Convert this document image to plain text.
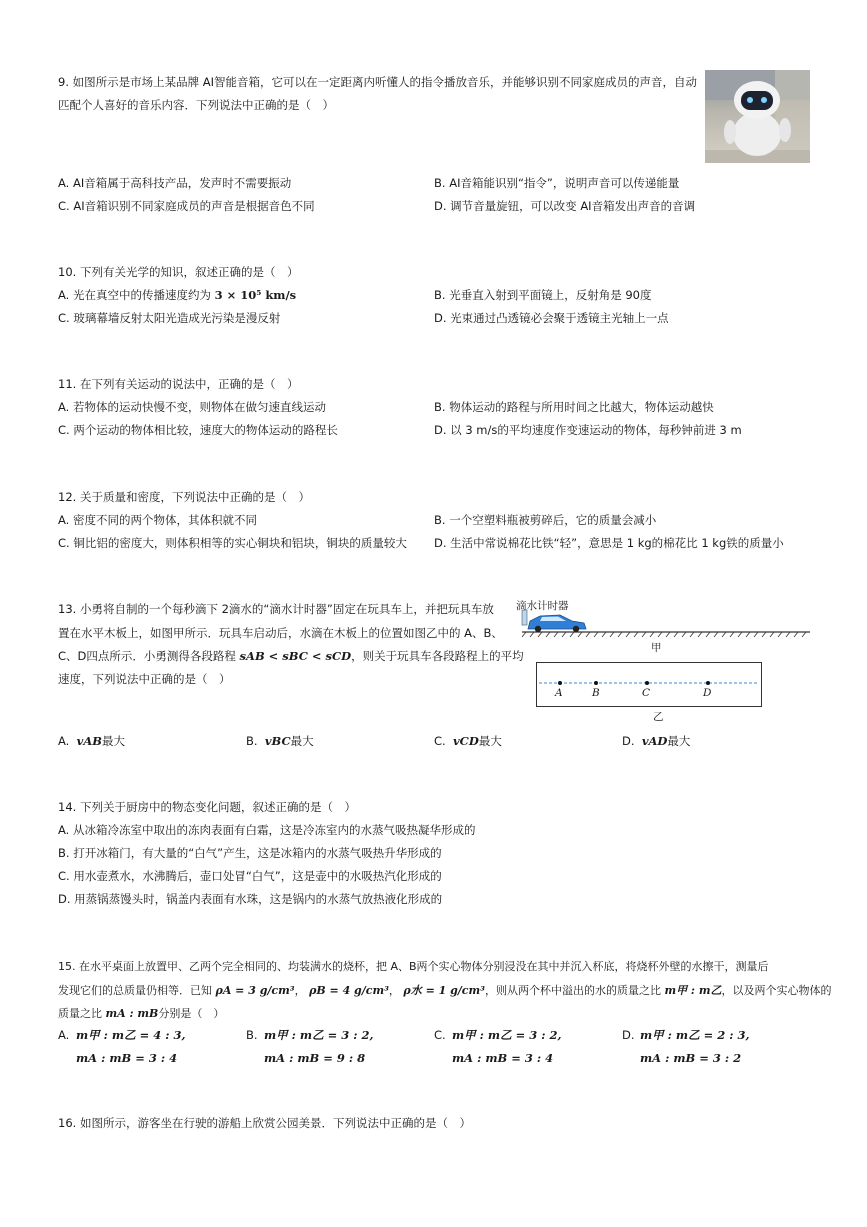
9. 如图所示是市场上某品牌 AI智能音箱，它可以在一定距离内听懂人的指令播放音乐，并能够识别不同家庭成员的声音，自动
匹配个人喜好的音乐内容．下列说法中正确的是（　）
A. AI音箱属于高科技产品，发声时不需要振动	B. AI音箱能识别“指令”，说明声音可以传递能量
C. AI音箱识别不同家庭成员的声音是根据音色不同	D. 调节音量旋钮，可以改变 AI音箱发出声音的音调
10. 下列有关光学的知识，叙述正确的是（　）
A. 光在真空中的传播速度约为 3 × 10⁵ km/s	B. 光垂直入射到平面镜上，反射角是 90度
C. 玻璃幕墙反射太阳光造成光污染是漫反射	D. 光束通过凸透镜必会聚于透镜主光轴上一点
11. 在下列有关运动的说法中，正确的是（　）
A. 若物体的运动快慢不变，则物体在做匀速直线运动	B. 物体运动的路程与所用时间之比越大，物体运动越快
C. 两个运动的物体相比较，速度大的物体运动的路程长	D. 以 3 m/s的平均速度作变速运动的物体，每秒钟前进 3 m
12. 关于质量和密度，下列说法中正确的是（　）
A. 密度不同的两个物体，其体积就不同	B. 一个空塑料瓶被剪碎后，它的质量会减小
C. 铜比铝的密度大，则体积相等的实心铜块和铝块，铜块的质量较大 D. 生活中常说棉花比铁“轻”，意思是 1 kg的棉花比 1 kg铁的质量小
13. 小勇将自制的一个每秒滴下 2滴水的“滴水计时器”固定在玩具车上，并把玩具车放
置在水平木板上，如图甲所示．玩具车启动后，水滴在木板上的位置如图乙中的 A、B、
C、D四点所示．小勇测得各段路程 sAB < sBC < sCD，则关于玩具车各段路程上的平均
速度，下列说法中正确的是（　）
滴水计时器
甲
A	B	C	D
乙
A. vAB最大	B. vBC最大	C. vCD最大	D. vAD最大
14. 下列关于厨房中的物态变化问题，叙述正确的是（　）
A. 从冰箱冷冻室中取出的冻肉表面有白霜，这是冷冻室内的水蒸气吸热凝华形成的
B. 打开冰箱门，有大量的“白气”产生，这是冰箱内的水蒸气吸热升华形成的
C. 用水壶煮水，水沸腾后，壶口处冒“白气”，这是壶中的水吸热汽化形成的
D. 用蒸锅蒸馒头时，锅盖内表面有水珠，这是锅内的水蒸气放热液化形成的
15. 在水平桌面上放置甲、乙两个完全相同的、均装满水的烧杯，把 A、B两个实心物体分别浸没在其中并沉入杯底，将烧杯外壁的水擦干，测量后
发现它们的总质量仍相等．已知 ρA = 3 g/cm³， ρB = 4 g/cm³， ρ水 = 1 g/cm³，则从两个杯中溢出的水的质量之比 m甲 : m乙，以及两个实心物体的
质量之比 mA : mB分别是（　）
A. m甲 : m乙 = 4 : 3,
mA : mB = 3 : 4
B. m甲 : m乙 = 3 : 2,
mA : mB = 9 : 8
C. m甲 : m乙 = 3 : 2,
mA : mB = 3 : 4
D. m甲 : m乙 = 2 : 3,
mA : mB = 3 : 2
16. 如图所示，游客坐在行驶的游船上欣赏公园美景．下列说法中正确的是（　）
